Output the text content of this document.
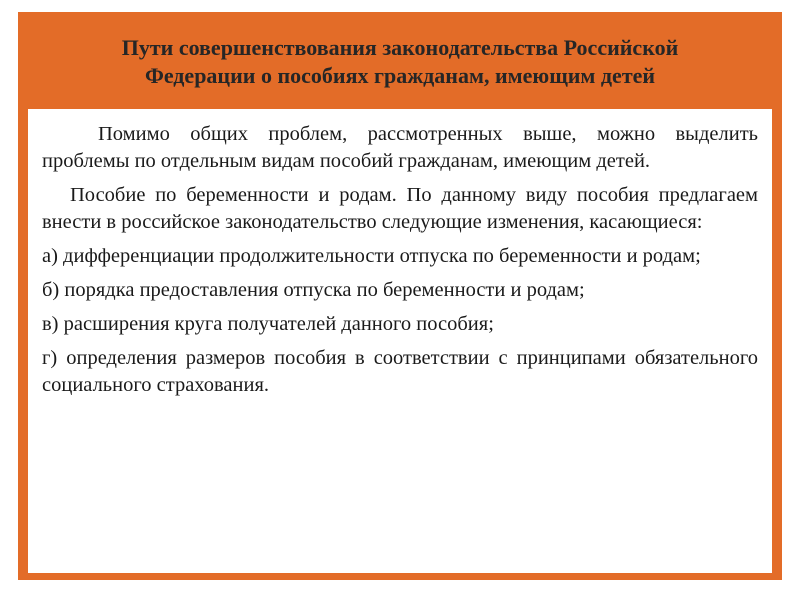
Пути совершенствования законодательства Российской
Федерации о пособиях гражданам, имеющим детей

Помимо общих проблем, рассмотренных выше, можно выделить проблемы по отдельным видам пособий гражданам, имеющим детей.

Пособие по беременности и родам. По данному виду пособия предлагаем внести в российское законодательство следующие изменения, касающиеся:

а) дифференциации продолжительности отпуска по беременности и родам;

б) порядка предоставления отпуска по беременности и родам;

в) расширения круга получателей данного пособия;

г) определения размеров пособия в соответствии с принципами обязательного социального страхования.
